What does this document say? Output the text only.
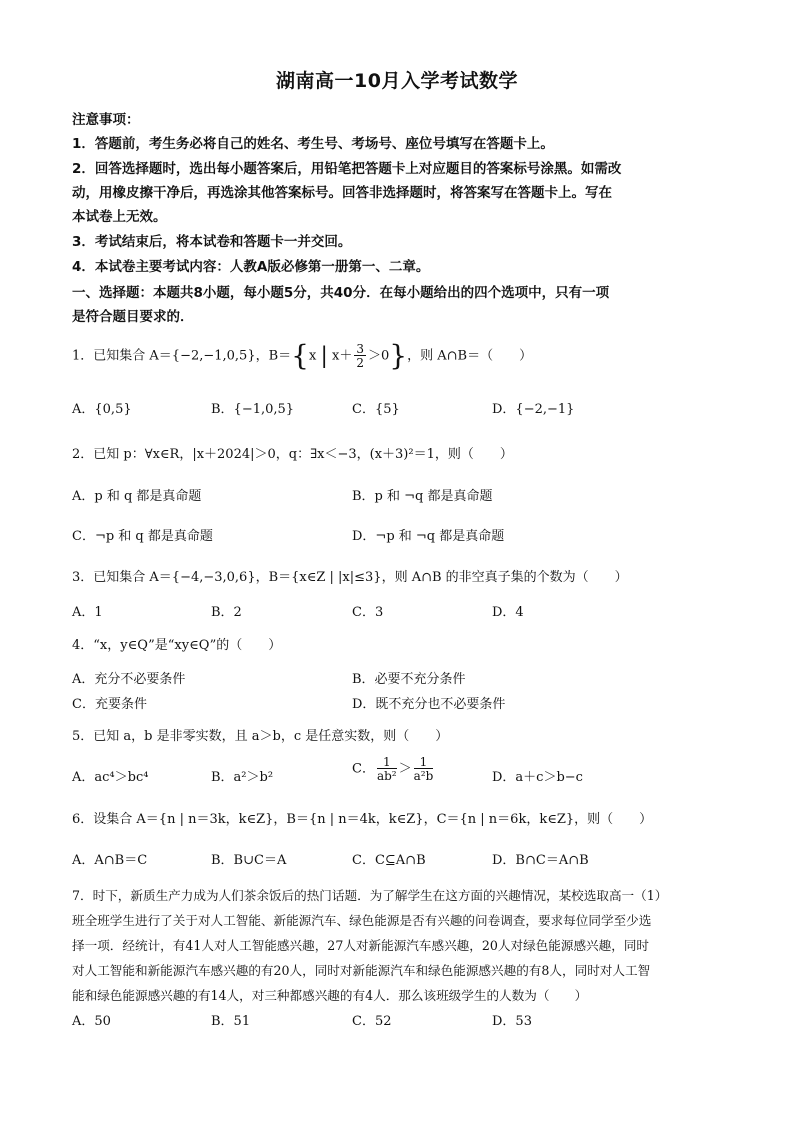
湖南高一10月入学考试数学
注意事项：
1．答题前，考生务必将自己的姓名、考生号、考场号、座位号填写在答题卡上。
2．回答选择题时，选出每小题答案后，用铅笔把答题卡上对应题目的答案标号涂黑。如需改
动，用橡皮擦干净后，再选涂其他答案标号。回答非选择题时，将答案写在答题卡上。写在
本试卷上无效。
3．考试结束后，将本试卷和答题卡一并交回。
4．本试卷主要考试内容：人教A版必修第一册第一、二章。
一、选择题：本题共8小题，每小题5分，共40分．在每小题给出的四个选项中，只有一项
是符合题目要求的．
1．已知集合 A＝{−2,−1,0,5}，B＝{x | $x+ \frac{3}{2} >0$}，则 A∩B＝（　　）
A．{0,5}	B．{−1,0,5}	C．{5}	D．{−2,−1}
2．已知 p：∀x∈R，|x＋2024|＞0，q：∃x＜−3，(x＋3)²＝1，则（　　）
A．p 和 q 都是真命题	B．p 和 ¬q 都是真命题
C．¬p 和 q 都是真命题	D．¬p 和 ¬q 都是真命题
3．已知集合 A＝{−4,−3,0,6}，B＝{x∈Z | |x|≤3}，则 A∩B 的非空真子集的个数为（　　）
A．1	B．2	C．3	D．4
4．“x，y∈Q”是“xy∈Q”的（　　）
A．充分不必要条件	B．必要不充分条件
C．充要条件	D．既不充分也不必要条件
5．已知 a，b 是非零实数，且 a＞b，c 是任意实数，则（　　）
A．ac⁴＞bc⁴	B．a²＞b²
C． $\frac{1}{\text{ab²}} > \frac{1}{\text{a²b}}$	D．a＋c＞b−c
6．设集合 A＝{n | n＝3k，k∈Z}，B＝{n | n＝4k，k∈Z}，C＝{n | n＝6k，k∈Z}，则（　　）
A．A∩B＝C	B．B∪C＝A	C．C⊆A∩B	D．B∩C＝A∩B
7．时下，新质生产力成为人们茶余饭后的热门话题．为了解学生在这方面的兴趣情况，某校选取高一（1）
班全班学生进行了关于对人工智能、新能源汽车、绿色能源是否有兴趣的问卷调查，要求每位同学至少选
择一项．经统计，有41人对人工智能感兴趣，27人对新能源汽车感兴趣，20人对绿色能源感兴趣，同时
对人工智能和新能源汽车感兴趣的有20人，同时对新能源汽车和绿色能源感兴趣的有8人，同时对人工智
能和绿色能源感兴趣的有14人，对三种都感兴趣的有4人．那么该班级学生的人数为（　　）
A．50	B．51	C．52	D．53
